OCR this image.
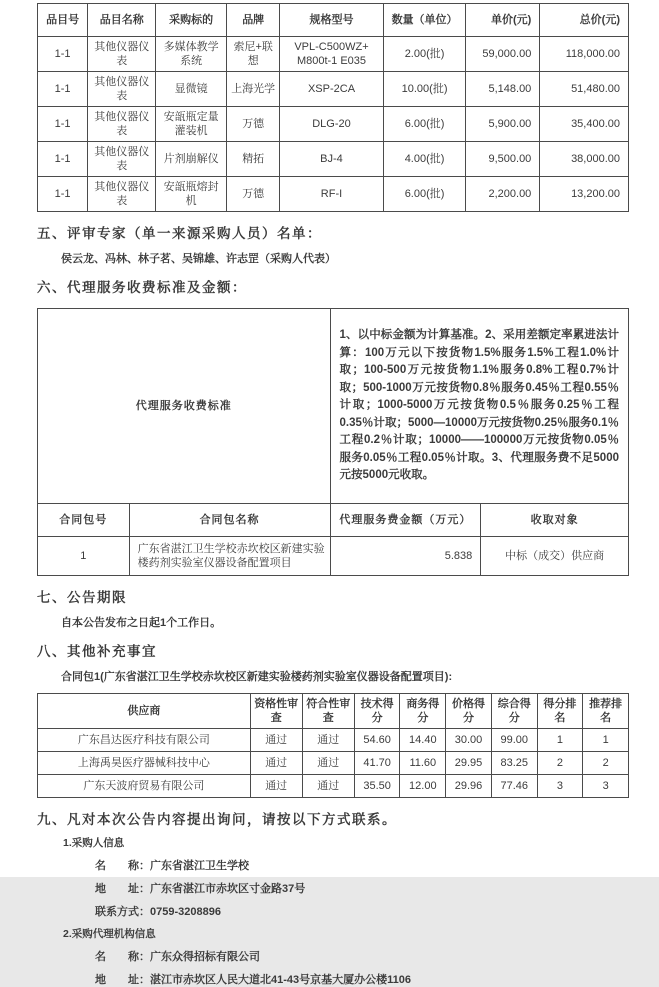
品目号	品目名称	采购标的	品牌	规格型号	数量（单位）	单价(元)	总价(元)
1-1	其他仪器仪表	多媒体教学系统	索尼+联想	VPL-C500WZ+ M800t-1 E035	2.00(批)	59,000.00	118,000.00
1-1	其他仪器仪表	显微镜	上海光学	XSP-2CA	10.00(批)	5,148.00	51,480.00
1-1	其他仪器仪表	安瓿瓶定量灌装机	万德	DLG-20	6.00(批)	5,900.00	35,400.00
1-1	其他仪器仪表	片剂崩解仪	精拓	BJ-4	4.00(批)	9,500.00	38,000.00
1-1	其他仪器仪表	安瓿瓶熔封机	万德	RF-I	6.00(批)	2,200.00	13,200.00
五、评审专家（单一来源采购人员）名单：
侯云龙、冯林、林子茗、吴锦雄、许志罡（采购人代表）
六、代理服务收费标准及金额：
代理服务收费标准		1、以中标金额为计算基准。2、采用差额定率累进法计算：100万元以下按货物1.5%服务1.5%工程1.0%计取；100-500万元按货物1.1%服务0.8%工程0.7%计取；500-1000万元按货物0.8％服务0.45％工程0.55％计取；1000-5000万元按货物0.5％服务0.25％工程0.35％计取；5000—10000万元按货物0.25％服务0.1％工程0.2％计取；10000——100000万元按货物0.05％服务0.05％工程0.05％计取。3、代理服务费不足5000元按5000元收取。	
合同包号	合同包名称	代理服务费金额（万元）	收取对象
1	广东省湛江卫生学校赤坎校区新建实验楼药剂实验室仪器设备配置项目	5.838	中标（成交）供应商
七、公告期限
自本公告发布之日起1个工作日。
八、其他补充事宜
合同包1(广东省湛江卫生学校赤坎校区新建实验楼药剂实验室仪器设备配置项目):
供应商	资格性审查	符合性审查	技术得分	商务得分	价格得分	综合得分	得分排名	推荐排名
广东昌达医疗科技有限公司	通过	通过	54.60	14.40	30.00	99.00	1	1
上海禹昊医疗器械科技中心	通过	通过	41.70	11.60	29.95	83.25	2	2
广东天波府贸易有限公司	通过	通过	35.50	12.00	29.96	77.46	3	3
九、凡对本次公告内容提出询问，请按以下方式联系。
1.采购人信息
名　　称：广东省湛江卫生学校
地　　址：广东省湛江市赤坎区寸金路37号
联系方式：0759-3208896
2.采购代理机构信息
名　　称：广东众得招标有限公司
地　　址：湛江市赤坎区人民大道北41-43号京基大厦办公楼1106
